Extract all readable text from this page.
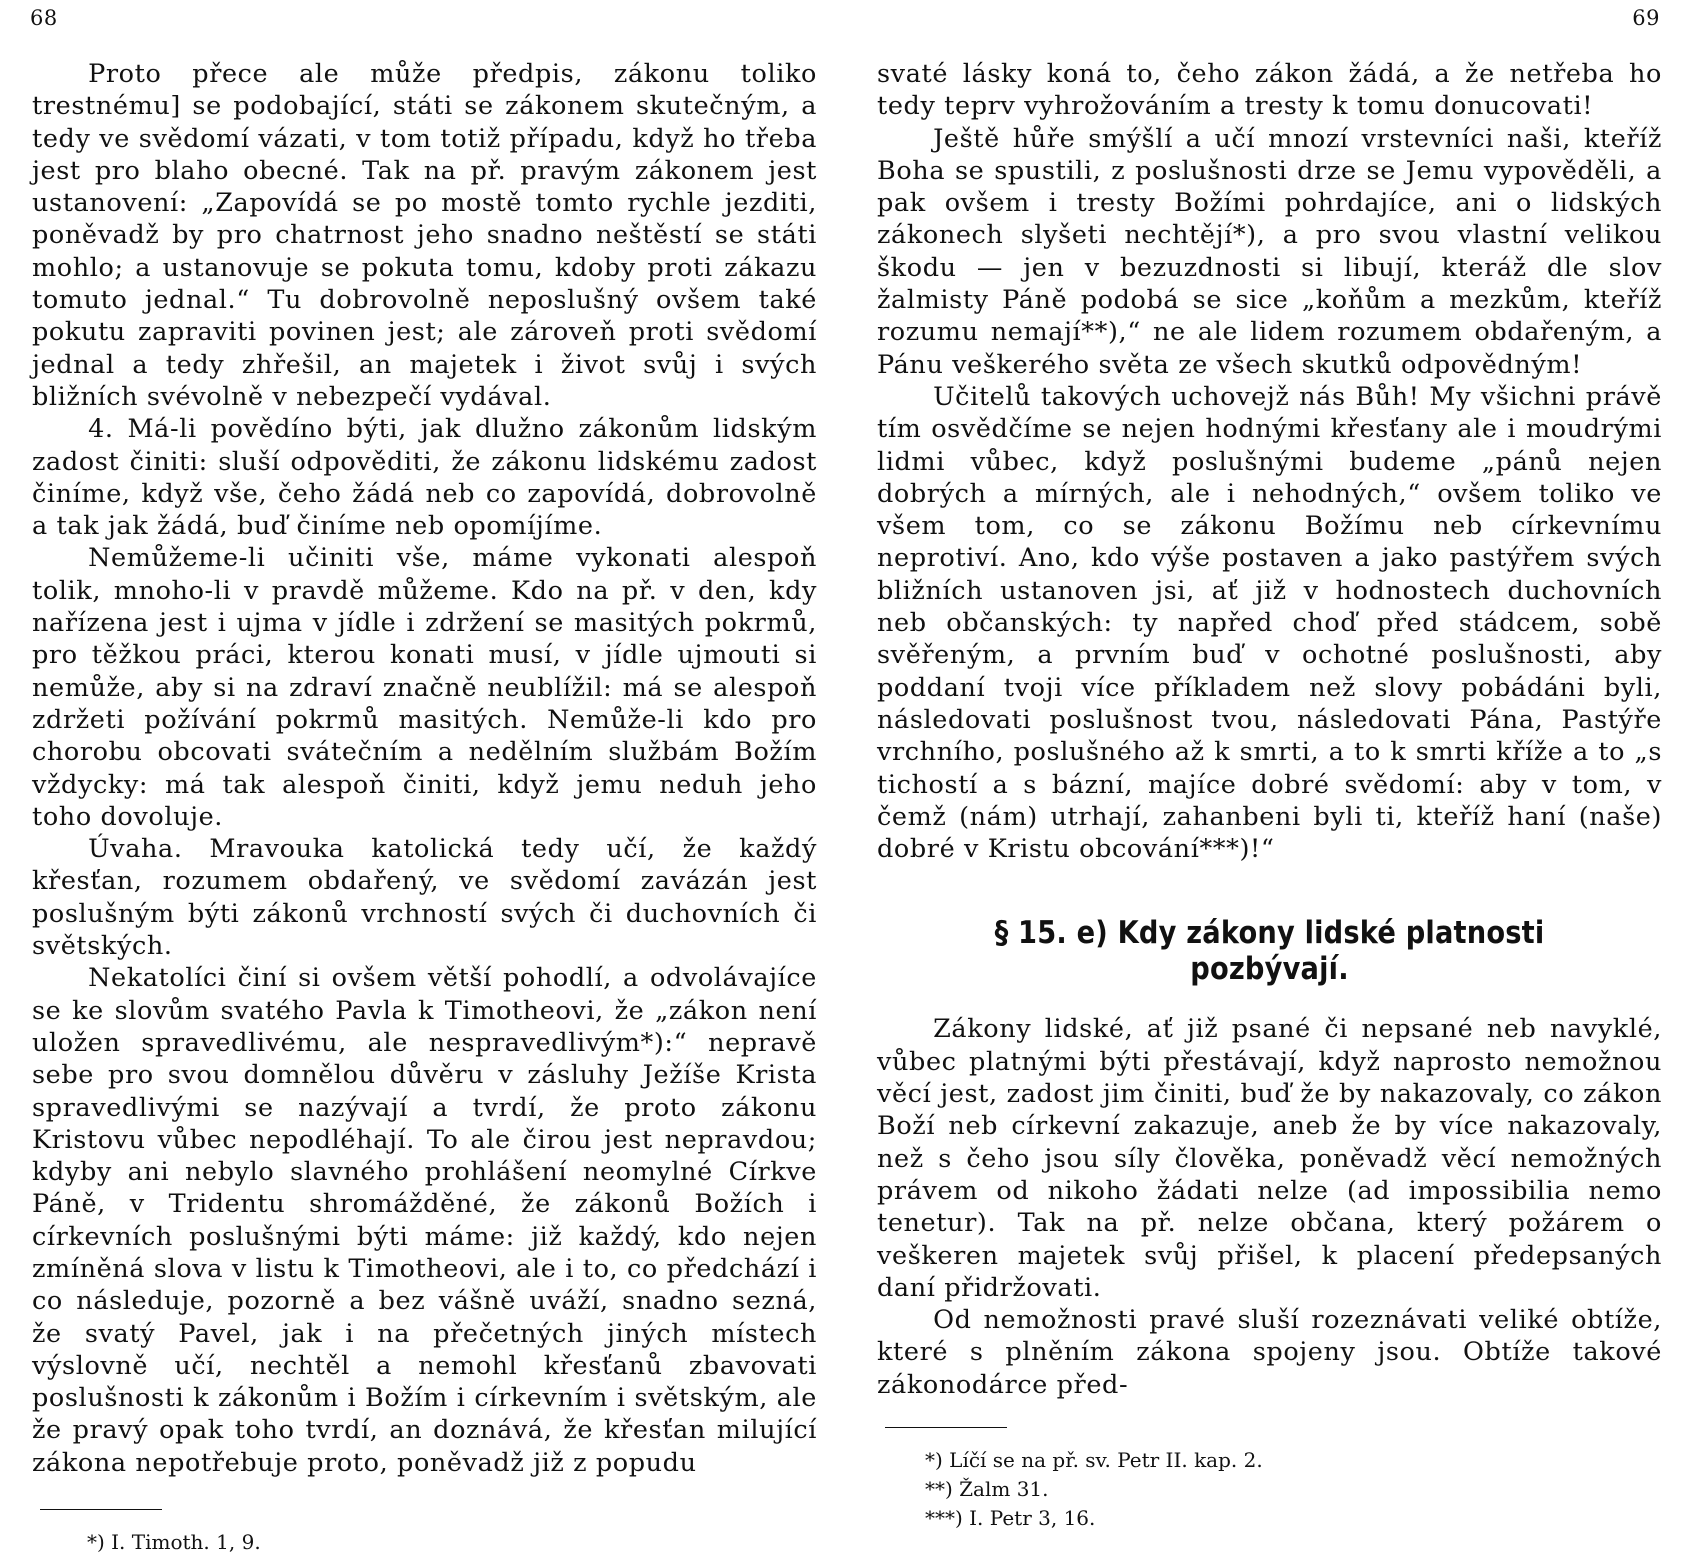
68

Proto přece ale může předpis, zákonu toliko trestnému] se podobající, státi se zákonem skutečným, a tedy ve svědomí vázati, v tom totiž případu, když ho třeba jest pro blaho obecné. Tak na př. pravým zákonem jest ustanovení: „Zapovídá se po mostě tomto rychle jezditi, poněvadž by pro chatrnost jeho snadno neštěstí se státi mohlo; a ustanovuje se pokuta tomu, kdoby proti zákazu tomuto jednal.“ Tu dobrovolně neposlušný ovšem také pokutu zapraviti povinen jest; ale zároveň proti svědomí jednal a tedy zhřešil, an majetek i život svůj i svých bližních svévolně v nebezpečí vydával.

4. Má-li povědíno býti, jak dlužno zákonům lidským zadost činiti: sluší odpověditi, že zákonu lidskému zadost činíme, když vše, čeho žádá neb co zapovídá, dobrovolně a tak jak žádá, buď činíme neb opomíjíme.

Nemůžeme-li učiniti vše, máme vykonati alespoň tolik, mnoho-li v pravdě můžeme. Kdo na př. v den, kdy nařízena jest i ujma v jídle i zdržení se masitých pokrmů, pro těžkou práci, kterou konati musí, v jídle ujmouti si nemůže, aby si na zdraví značně neublížil: má se alespoň zdržeti požívání pokrmů masitých. Nemůže-li kdo pro chorobu obcovati svátečním a nedělním službám Božím vždycky: má tak alespoň činiti, když jemu neduh jeho toho dovoluje.

Úvaha. Mravouka katolická tedy učí, že každý křesťan, rozumem obdařený, ve svědomí zavázán jest poslušným býti zákonů vrchností svých či duchovních či světských.

Nekatolíci činí si ovšem větší pohodlí, a odvolávajíce se ke slovům svatého Pavla k Timotheovi, že „zákon není uložen spravedlivému, ale nespravedlivým*):“ nepravě sebe pro svou domnělou důvěru v zásluhy Ježíše Krista spravedlivými se nazývají a tvrdí, že proto zákonu Kristovu vůbec nepodléhají. To ale čirou jest nepravdou; kdyby ani nebylo slavného prohlášení neomylné Církve Páně, v Tridentu shromážděné, že zákonů Božích i církevních poslušnými býti máme: již každý, kdo nejen zmíněná slova v listu k Timotheovi, ale i to, co předchází i co následuje, pozorně a bez vášně uváží, snadno sezná, že svatý Pavel, jak i na přečetných jiných místech výslovně učí, nechtěl a nemohl křesťanů zbavovati poslušnosti k zákonům i Božím i církevním i světským, ale že pravý opak toho tvrdí, an doznává, že křesťan milující zákona nepotřebuje proto, poněvadž již z popudu

*) I. Timoth. 1, 9.
69

svaté lásky koná to, čeho zákon žádá, a že netřeba ho tedy teprv vyhrožováním a tresty k tomu donucovati!

Ještě hůře smýšlí a učí mnozí vrstevníci naši, kteříž Boha se spustili, z poslušnosti drze se Jemu vypověděli, a pak ovšem i tresty Božími pohrdajíce, ani o lidských zákonech slyšeti nechtějí*), a pro svou vlastní velikou škodu — jen v bezuzdnosti si libují, kteráž dle slov žalmisty Páně podobá se sice „koňům a mezkům, kteříž rozumu nemají**),“ ne ale lidem rozumem obdařeným, a Pánu veškerého světa ze všech skutků odpovědným!

Učitelů takových uchovejž nás Bůh! My všichni právě tím osvědčíme se nejen hodnými křesťany ale i moudrými lidmi vůbec, když poslušnými budeme „pánů nejen dobrých a mírných, ale i nehodných,“ ovšem toliko ve všem tom, co se zákonu Božímu neb církevnímu neprotiví. Ano, kdo výše postaven a jako pastýřem svých bližních ustanoven jsi, ať již v hodnostech duchovních neb občanských: ty napřed choď před stádcem, sobě svěřeným, a prvním buď v ochotné poslušnosti, aby poddaní tvoji více příkladem než slovy pobádáni byli, následovati poslušnost tvou, následovati Pána, Pastýře vrchního, poslušného až k smrti, a to k smrti kříže a to „s tichostí a s bázní, majíce dobré svědomí: aby v tom, v čemž (nám) utrhají, zahanbeni byli ti, kteříž haní (naše) dobré v Kristu obcování***)!“

§ 15. e) Kdy zákony lidské platnosti pozbývají.

Zákony lidské, ať již psané či nepsané neb navyklé, vůbec platnými býti přestávají, když naprosto nemožnou věcí jest, zadost jim činiti, buď že by nakazovaly, co zákon Boží neb církevní zakazuje, aneb že by více nakazovaly, než s čeho jsou síly člověka, poněvadž věcí nemožných právem od nikoho žádati nelze (ad impossibilia nemo tenetur). Tak na př. nelze občana, který požárem o veškeren majetek svůj přišel, k placení předepsaných daní přidržovati.

Od nemožnosti pravé sluší rozeznávati veliké obtíže, které s plněním zákona spojeny jsou. Obtíže takové zákonodárce před-

*) Líčí se na př. sv. Petr II. kap. 2.
**) Žalm 31.
***) I. Petr 3, 16.
